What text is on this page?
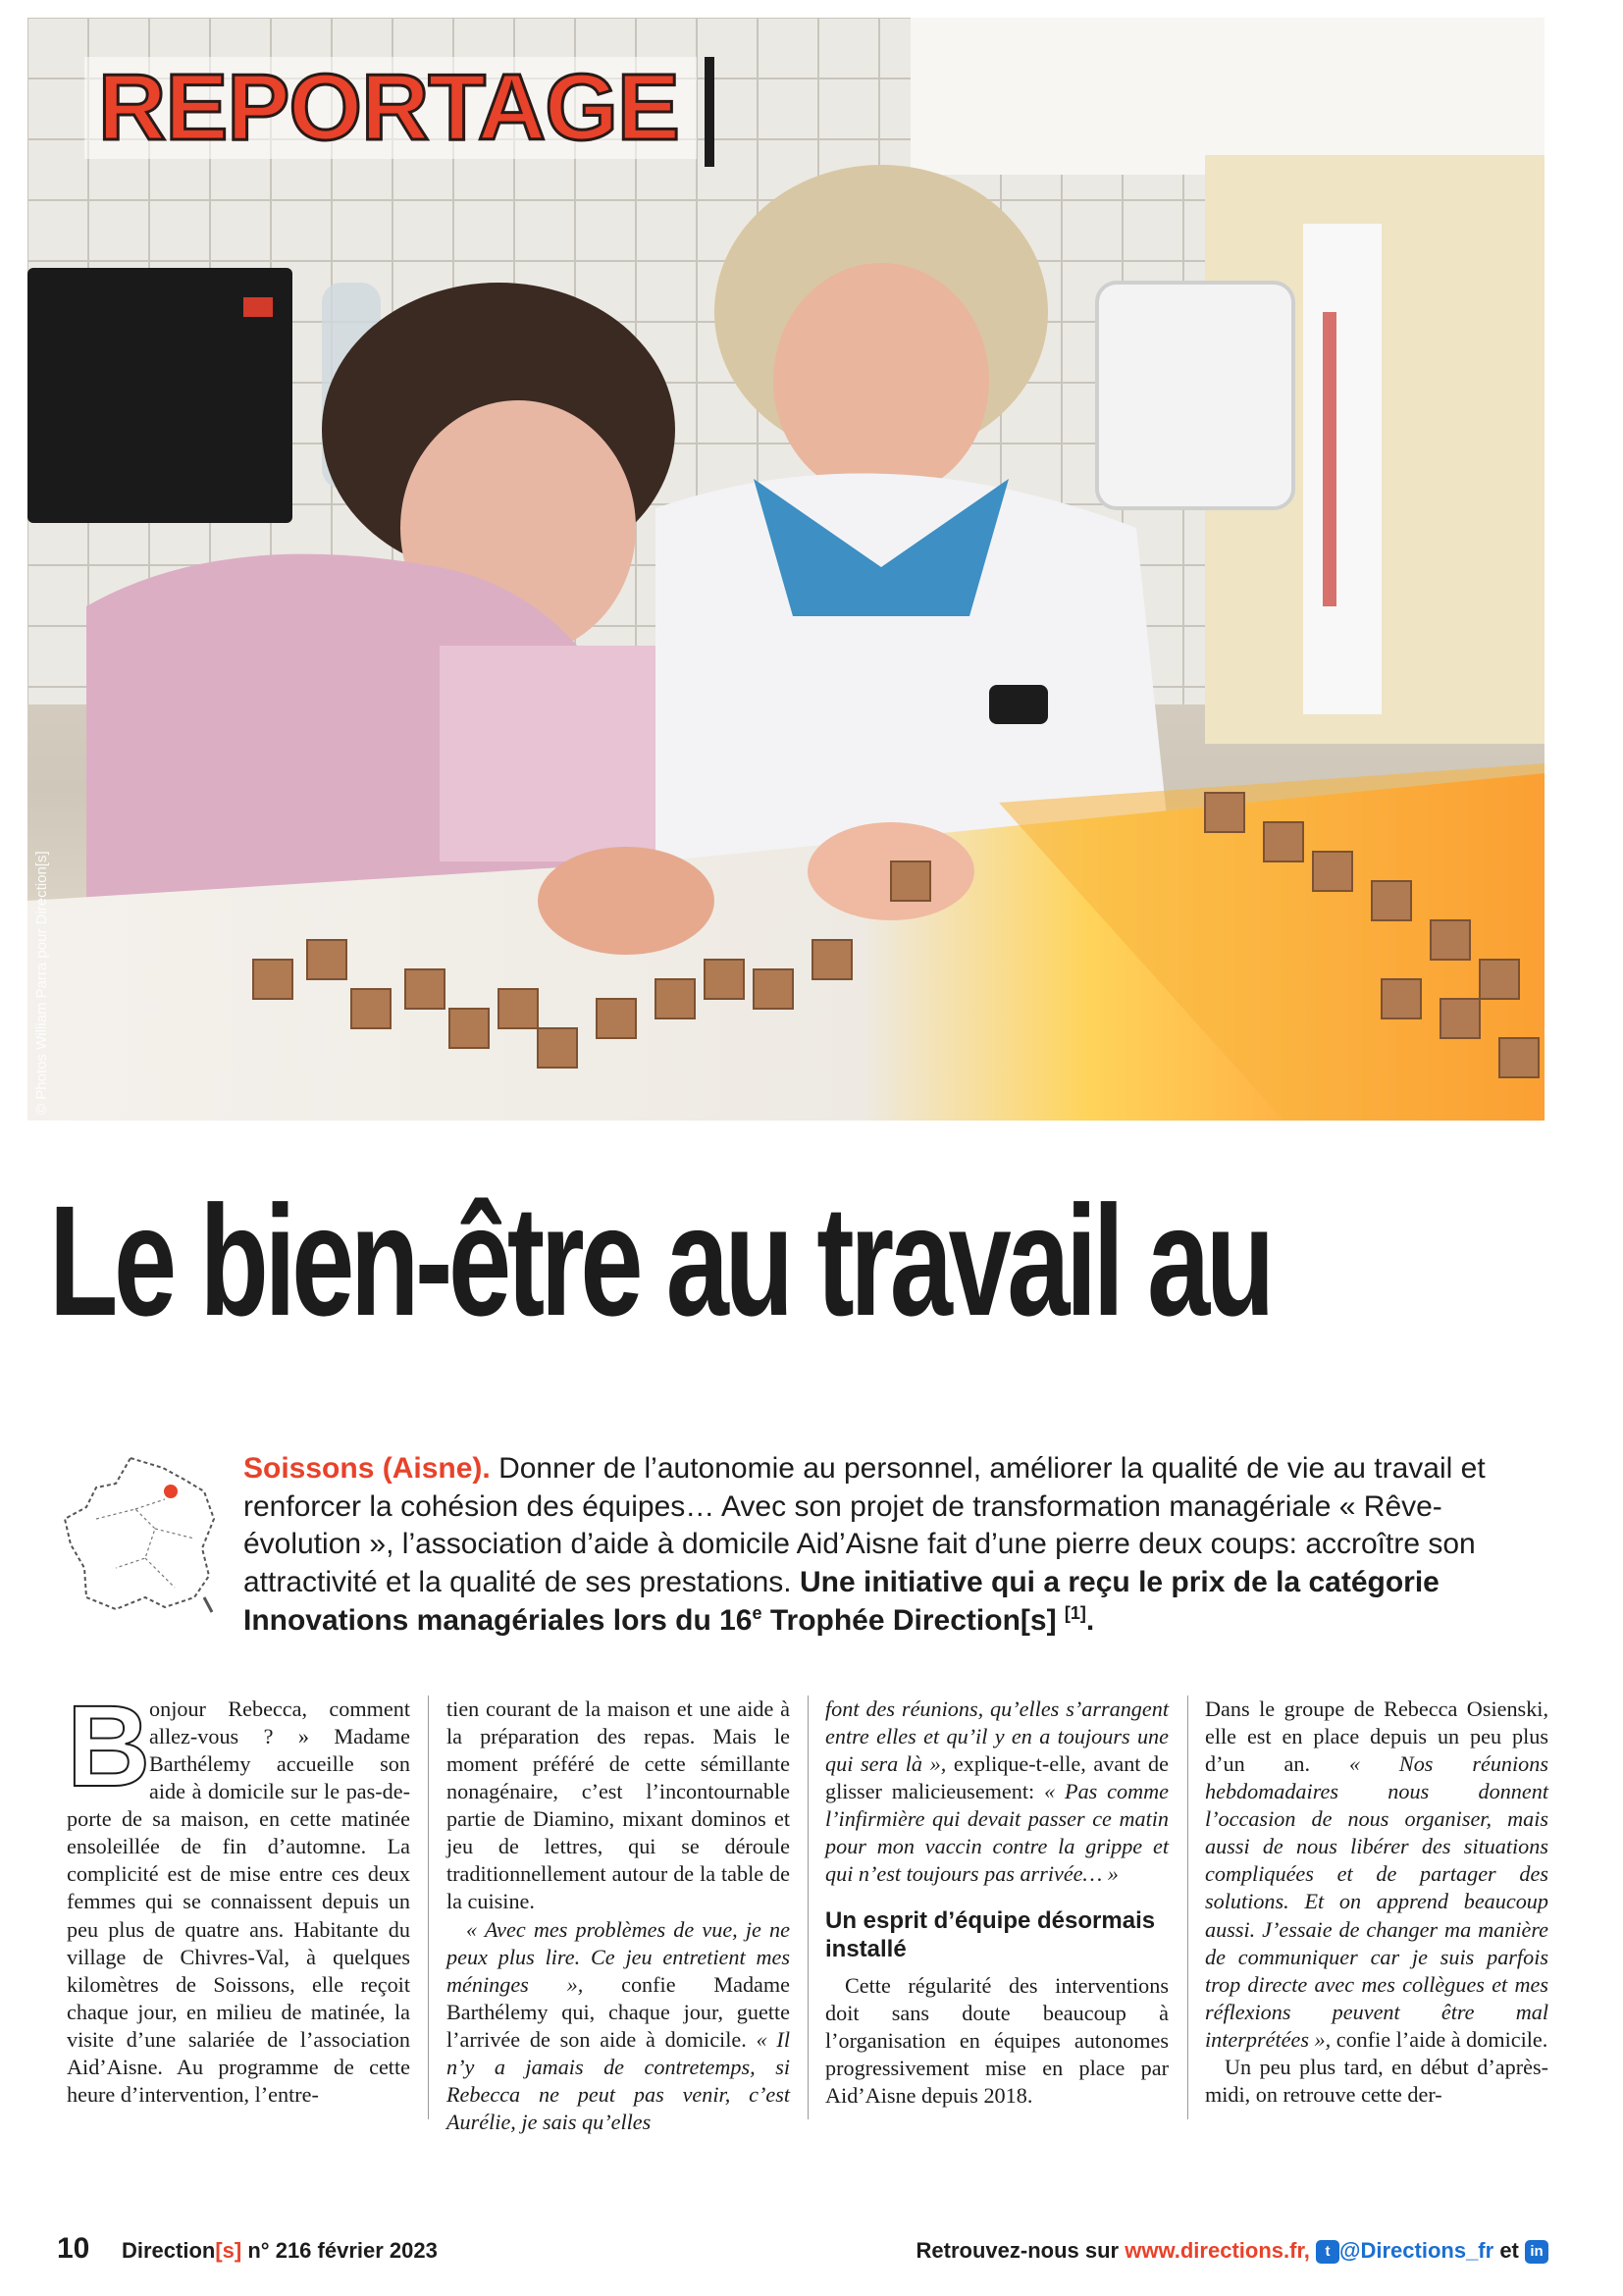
REPORTAGE
© Photos William Parra pour Direction[s]
Le bien-être au travail au

Soissons (Aisne). Donner de l’autonomie au personnel, améliorer la qualité de vie au travail et renforcer la cohésion des équipes… Avec son projet de transformation managériale « Rêve-évolution », l’association d’aide à domicile Aid’Aisne fait d’une pierre deux coups: accroître son attractivité et la qualité de ses prestations. Une initiative qui a reçu le prix de la catégorie Innovations managériales lors du 16e Trophée Direction[s] [1].

B
onjour Rebecca, comment allez-vous ? » Madame Barthélemy accueille son aide à domicile sur le pas-de-porte de sa maison, en cette matinée ensoleillée de fin d’automne. La complicité est de mise entre ces deux femmes qui se connaissent depuis un peu plus de quatre ans. Habitante du village de Chivres-Val, à quelques kilomètres de Soissons, elle reçoit chaque jour, en milieu de matinée, la visite d’une salariée de l’association Aid’Aisne. Au programme de cette heure d’intervention, l’entre-

tien courant de la maison et une aide à la préparation des repas. Mais le moment préféré de cette sémillante nonagénaire, c’est l’incontournable partie de Diamino, mixant dominos et jeu de lettres, qui se déroule traditionnellement autour de la table de la cuisine.

« Avec mes problèmes de vue, je ne peux plus lire. Ce jeu entretient mes méninges », confie Madame Barthélemy qui, chaque jour, guette l’arrivée de son aide à domicile. « Il n’y a jamais de contretemps, si Rebecca ne peut pas venir, c’est Aurélie, je sais qu’elles

font des réunions, qu’elles s’arrangent entre elles et qu’il y en a toujours une qui sera là », explique-t-elle, avant de glisser malicieusement: « Pas comme l’infirmière qui devait passer ce matin pour mon vaccin contre la grippe et qui n’est toujours pas arrivée… »

Un esprit d’équipe désormais installé

Cette régularité des interventions doit sans doute beaucoup à l’organisation en équipes autonomes progressivement mise en place par Aid’Aisne depuis 2018.

Dans le groupe de Rebecca Osienski, elle est en place depuis un peu plus d’un an. « Nos réunions hebdomadaires nous donnent l’occasion de nous organiser, mais aussi de nous libérer des situations compliquées et de partager des solutions. Et on apprend beaucoup aussi. J’essaie de changer ma manière de communiquer car je suis parfois trop directe avec mes collègues et mes réflexions peuvent être mal interprétées », confie l’aide à domicile.

Un peu plus tard, en début d’après-midi, on retrouve cette der-

10 Direction[s] n° 216 février 2023	Retrouvez-nous sur www.directions.fr, t @Directions_fr et in
